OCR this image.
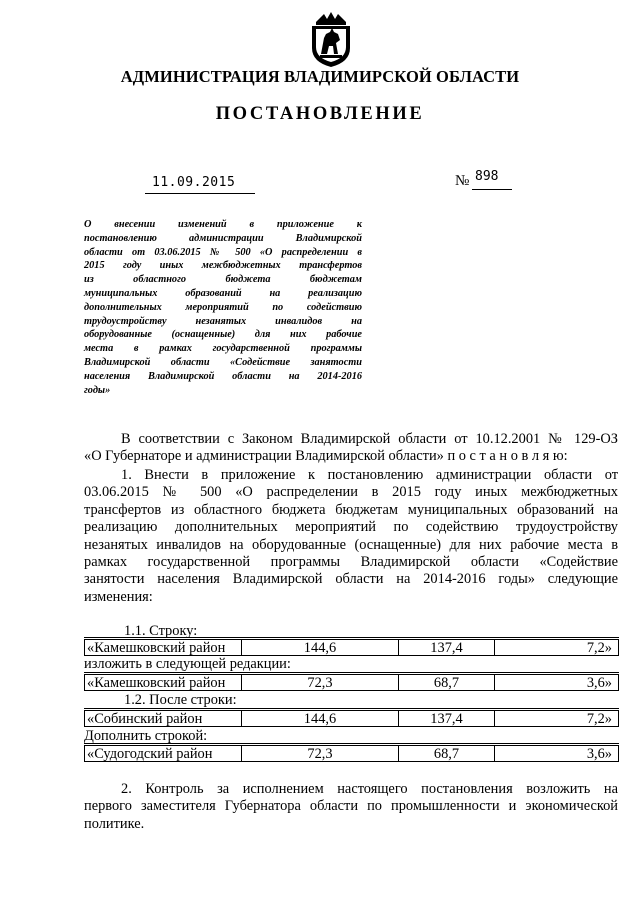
АДМИНИСТРАЦИЯ ВЛАДИМИРСКОЙ ОБЛАСТИ
ПОСТАНОВЛЕНИЕ
11.09.2015	№ 898
О внесении изменений в приложение к
постановлению администрации Владимирской
области от 03.06.2015 № 500 «О распределении в
2015 году иных межбюджетных трансфертов
из областного бюджета бюджетам
муниципальных образований на реализацию
дополнительных мероприятий по содействию
трудоустройству незанятых инвалидов на
оборудованные (оснащенные) для них рабочие
места в рамках государственной программы
Владимирской области «Содействие занятости
населения Владимирской области на 2014-2016
годы»
В соответствии с Законом Владимирской области от 10.12.2001 № 129-ОЗ
«О Губернаторе и администрации Владимирской области» п о с т а н о в л я ю:
1. Внести в приложение к постановлению администрации области от
03.06.2015 № 500 «О распределении в 2015 году иных межбюджетных
трансфертов из областного бюджета бюджетам муниципальных образований на
реализацию дополнительных мероприятий по содействию трудоустройству
незанятых инвалидов на оборудованные (оснащенные) для них рабочие места в
рамках государственной программы Владимирской области «Содействие
занятости населения Владимирской области на 2014-2016 годы» следующие
изменения:
1.1. Строку:
«Камешковский район	144,6	137,4	7,2»
изложить в следующей редакции:
«Камешковский район	72,3	68,7	3,6»
1.2. После строки:
«Собинский район	144,6	137,4	7,2»
Дополнить строкой:
«Судогодский район	72,3	68,7	3,6»
2. Контроль за исполнением настоящего постановления возложить на
первого заместителя Губернатора области по промышленности и экономической
политике.
